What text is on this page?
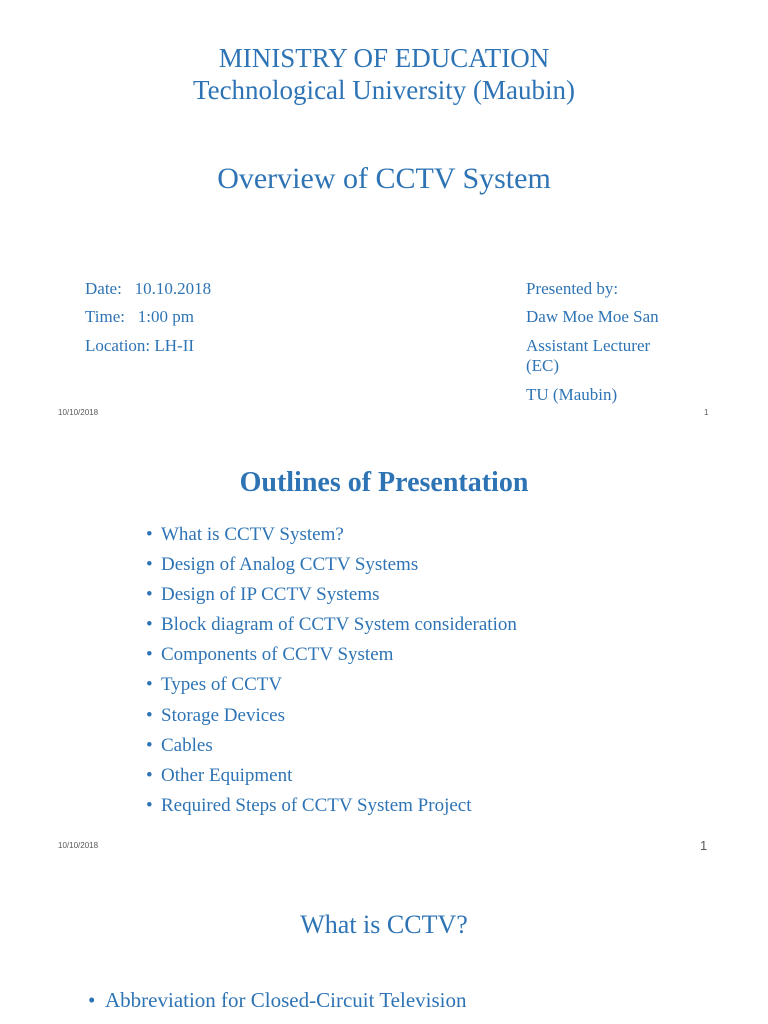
MINISTRY OF EDUCATION
Technological University (Maubin)
Overview of CCTV System
Date:   10.10.2018
Time:   1:00 pm
Location: LH-II
Presented by:
Daw Moe Moe San
Assistant Lecturer
(EC)
TU (Maubin)
10/10/2018	1
Outlines of Presentation
• What is CCTV System?
• Design of Analog CCTV Systems
• Design of IP CCTV Systems
• Block diagram of CCTV System consideration
• Components of CCTV System
• Types of CCTV
• Storage Devices
• Cables
• Other Equipment
• Required Steps of CCTV System Project
10/10/2018	1
What is CCTV?
• Abbreviation for Closed-Circuit Television
